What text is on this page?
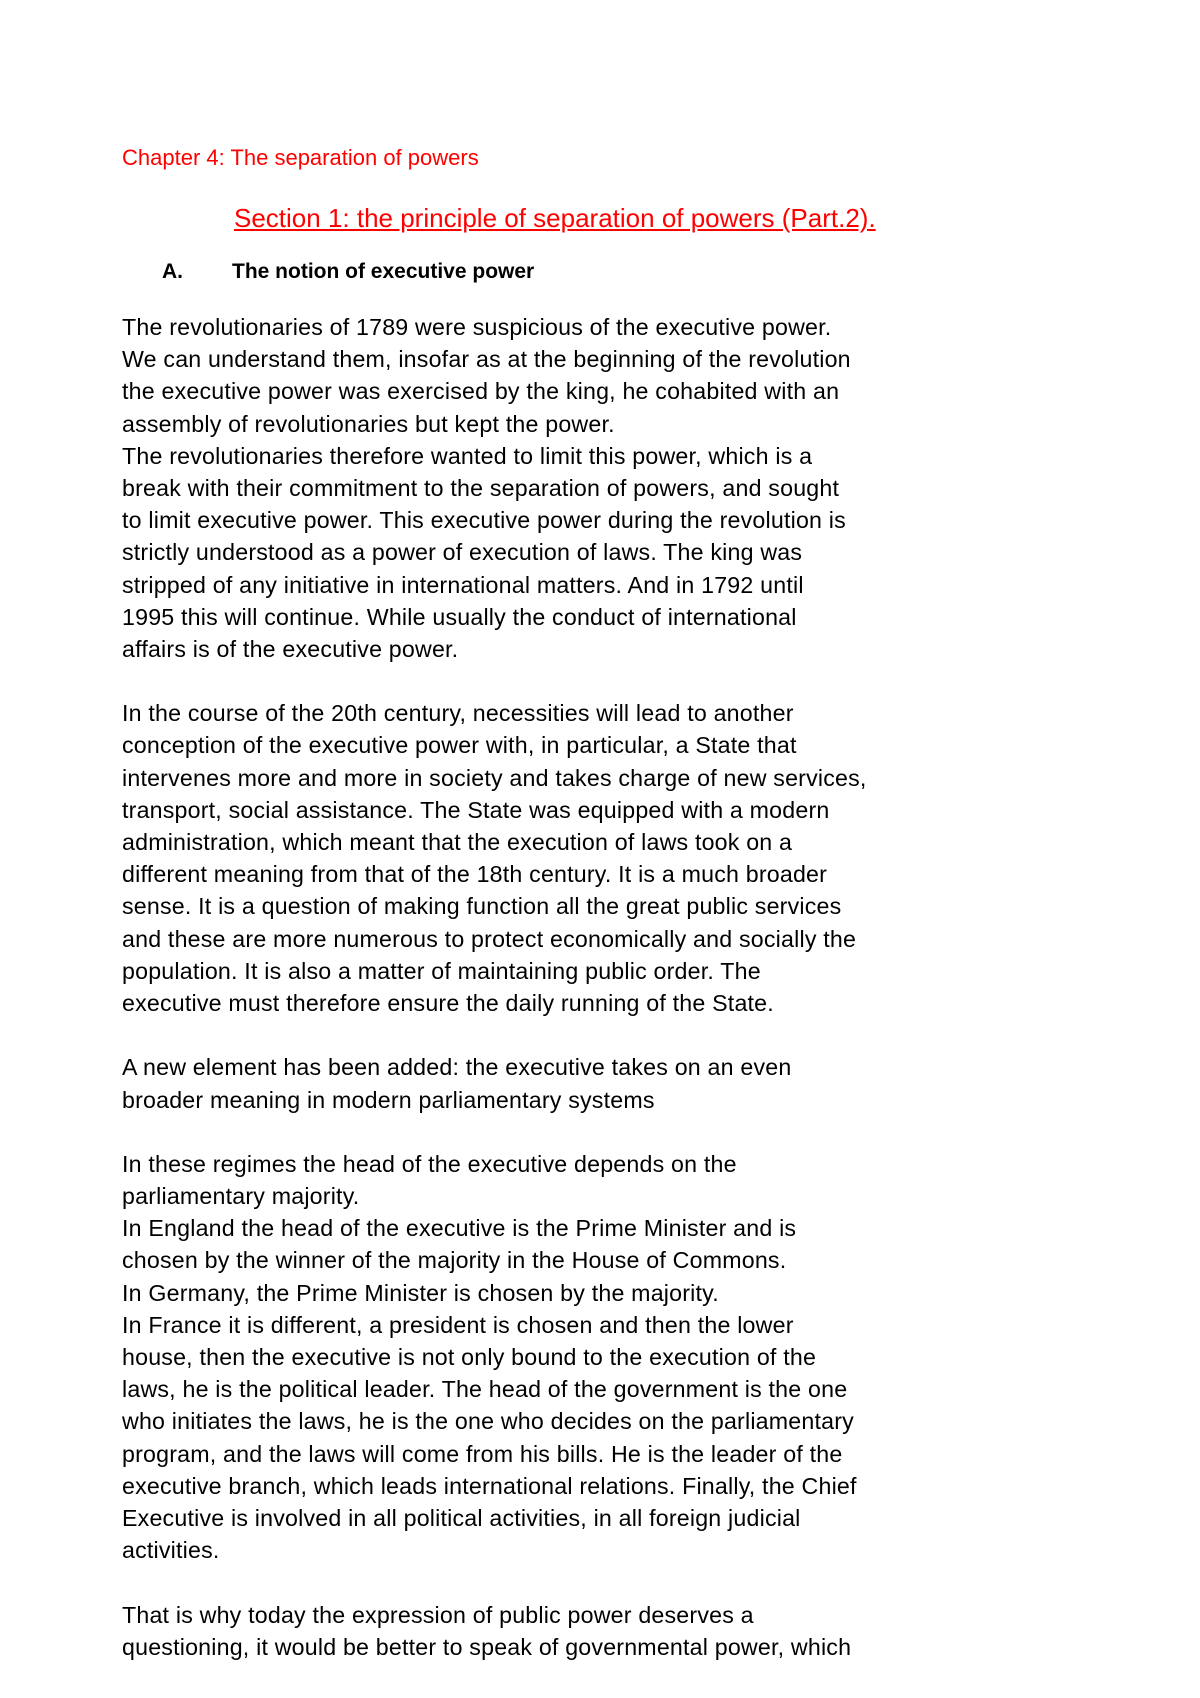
Chapter 4: The separation of powers
Section 1: the principle of separation of powers (Part.2).
A. The notion of executive power
The revolutionaries of 1789 were suspicious of the executive power.
We can understand them, insofar as at the beginning of the revolution
the executive power was exercised by the king, he cohabited with an
assembly of revolutionaries but kept the power.
The revolutionaries therefore wanted to limit this power, which is a
break with their commitment to the separation of powers, and sought
to limit executive power. This executive power during the revolution is
strictly understood as a power of execution of laws. The king was
stripped of any initiative in international matters. And in 1792 until
1995 this will continue. While usually the conduct of international
affairs is of the executive power.
In the course of the 20th century, necessities will lead to another
conception of the executive power with, in particular, a State that
intervenes more and more in society and takes charge of new services,
transport, social assistance. The State was equipped with a modern
administration, which meant that the execution of laws took on a
different meaning from that of the 18th century. It is a much broader
sense. It is a question of making function all the great public services
and these are more numerous to protect economically and socially the
population. It is also a matter of maintaining public order. The
executive must therefore ensure the daily running of the State.
A new element has been added: the executive takes on an even
broader meaning in modern parliamentary systems
In these regimes the head of the executive depends on the
parliamentary majority.
In England the head of the executive is the Prime Minister and is
chosen by the winner of the majority in the House of Commons.
In Germany, the Prime Minister is chosen by the majority.
In France it is different, a president is chosen and then the lower
house, then the executive is not only bound to the execution of the
laws, he is the political leader. The head of the government is the one
who initiates the laws, he is the one who decides on the parliamentary
program, and the laws will come from his bills. He is the leader of the
executive branch, which leads international relations. Finally, the Chief
Executive is involved in all political activities, in all foreign judicial
activities.
That is why today the expression of public power deserves a
questioning, it would be better to speak of governmental power, which
